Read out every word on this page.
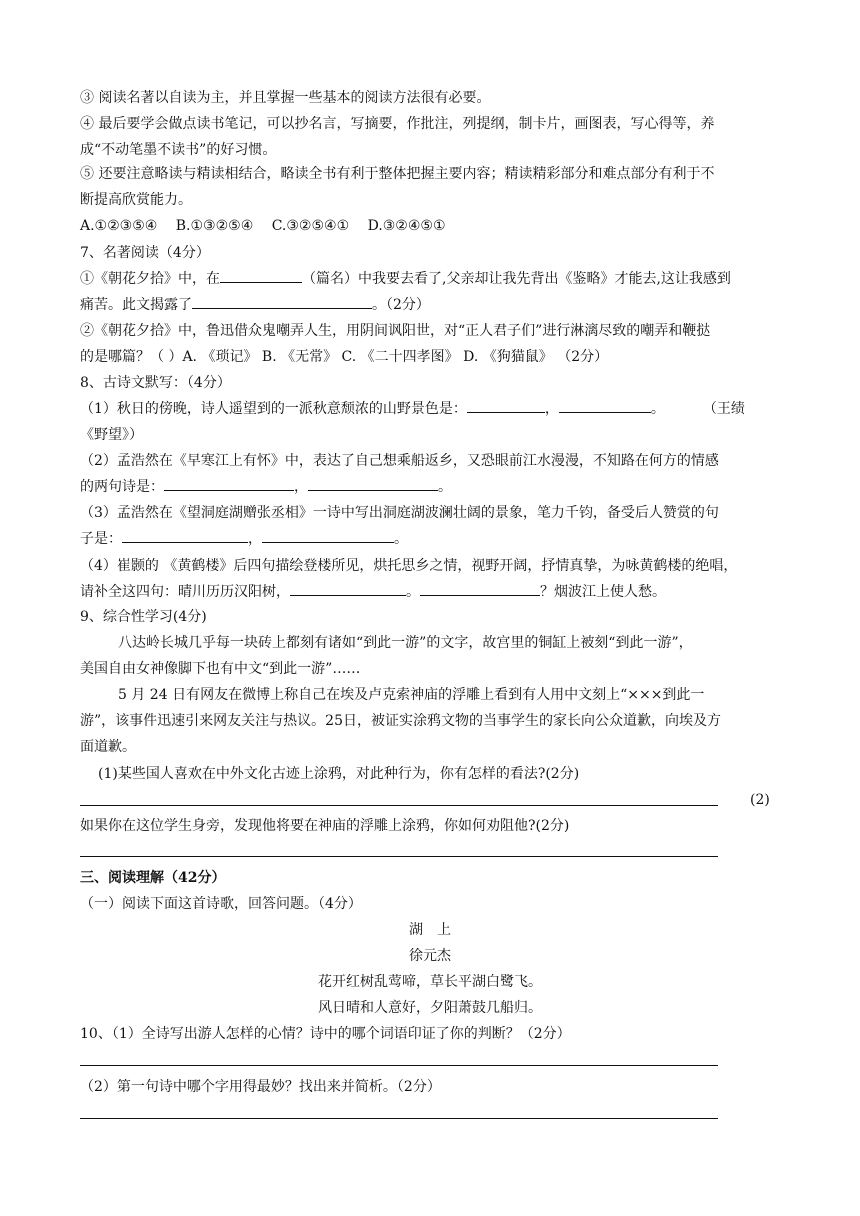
③ 阅读名著以自读为主，并且掌握一些基本的阅读方法很有必要。
④ 最后要学会做点读书笔记，可以抄名言，写摘要，作批注，列提纲，制卡片，画图表，写心得等，养
成“不动笔墨不读书”的好习惯。
⑤ 还要注意略读与精读相结合，略读全书有利于整体把握主要内容；精读精彩部分和难点部分有利于不
断提高欣赏能力。
A.①②③⑤④　 B.①③②⑤④　 C.③②⑤④①　 D.③②④⑤①
7、名著阅读（4分）
①《朝花夕拾》中，在	（篇名）中我要去看了,父亲却让我先背出《鉴略》才能去,这让我感到
痛苦。此文揭露了	。（2分）
②《朝花夕拾》中，鲁迅借众鬼嘲弄人生，用阴间讽阳世，对“正人君子们”进行淋漓尽致的嘲弄和鞭挞
的是哪篇？（ ）A. 《琐记》 B. 《无常》 C. 《二十四孝图》 D. 《狗猫鼠》 （2分）
8、古诗文默写：（4分）
（1）秋日的傍晚，诗人遥望到的一派秋意颓浓的山野景色是：	，	。	（王绩
《野望》）
（2）孟浩然在《早寒江上有怀》中，表达了自己想乘船返乡，又恐眼前江水漫漫，不知路在何方的情感
的两句诗是：	，	。
（3）孟浩然在《望洞庭湖赠张丞相》一诗中写出洞庭湖波澜壮阔的景象，笔力千钧，备受后人赞赏的句
子是：	，	。
（4）崔颢的 《黄鹤楼》后四句描绘登楼所见，烘托思乡之情，视野开阔，抒情真挚，为咏黄鹤楼的绝唱，
请补全这四句：晴川历历汉阳树，	。	？烟波江上使人愁。
9、综合性学习(4分)
八达岭长城几乎每一块砖上都刻有诸如“到此一游”的文字，故宫里的铜缸上被刻“到此一游”，
美国自由女神像脚下也有中文“到此一游”……
5 月 24 日有网友在微博上称自己在埃及卢克索神庙的浮雕上看到有人用中文刻上“×××到此一
游”，该事件迅速引来网友关注与热议。25日，被证实涂鸦文物的当事学生的家长向公众道歉，向埃及方
面道歉。
(1)某些国人喜欢在中外文化古迹上涂鸦，对此种行为，你有怎样的看法?(2分)
(2)
如果你在这位学生身旁，发现他将要在神庙的浮雕上涂鸦，你如何劝阻他?(2分)
三、阅读理解（42分）
（一）阅读下面这首诗歌，回答问题。（4分）
湖　上
徐元杰
花开红树乱莺啼，草长平湖白鹭飞。
风日晴和人意好，夕阳萧鼓几船归。
10、（1）全诗写出游人怎样的心情？诗中的哪个词语印证了你的判断？（2分）
（2）第一句诗中哪个字用得最妙？找出来并简析。（2分）
